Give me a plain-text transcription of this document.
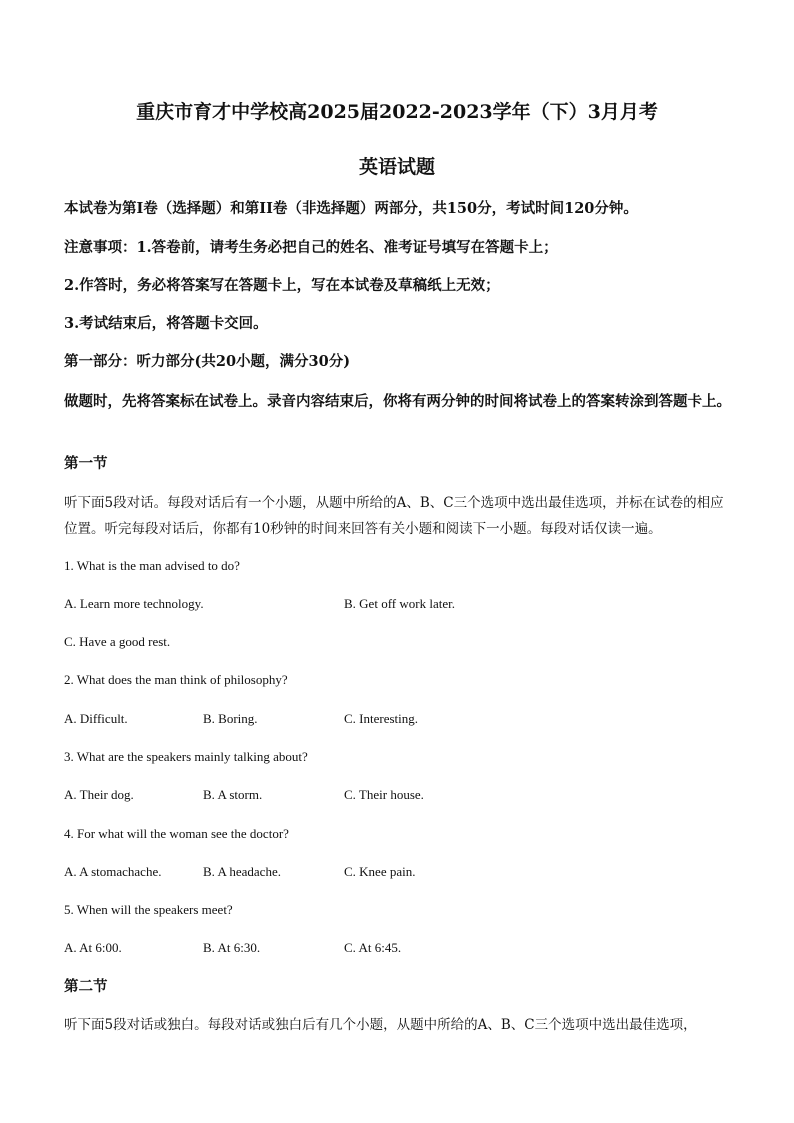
重庆市育才中学校高2025届2022-2023学年（下）3月月考
英语试题
本试卷为第I卷（选择题）和第II卷（非选择题）两部分，共150分，考试时间120分钟。
注意事项：1.答卷前，请考生务必把自己的姓名、准考证号填写在答题卡上；
2.作答时，务必将答案写在答题卡上，写在本试卷及草稿纸上无效；
3.考试结束后，将答题卡交回。
第一部分：听力部分(共20小题，满分30分)
做题时，先将答案标在试卷上。录音内容结束后，你将有两分钟的时间将试卷上的答案转涂到答题卡上。
第一节
听下面5段对话。每段对话后有一个小题，从题中所给的A、B、C三个选项中选出最佳选项，并标在试卷的相应位置。听完每段对话后，你都有10秒钟的时间来回答有关小题和阅读下一小题。每段对话仅读一遍。
1. What is the man advised to do?
A. Learn more technology.	B. Get off work later.
C. Have a good rest.
2. What does the man think of philosophy?
A. Difficult.	B. Boring.	C. Interesting.
3. What are the speakers mainly talking about?
A. Their dog.	B. A storm.	C. Their house.
4. For what will the woman see the doctor?
A. A stomachache.	B. A headache.	C. Knee pain.
5. When will the speakers meet?
A. At 6:00.	B. At 6:30.	C. At 6:45.
第二节
听下面5段对话或独白。每段对话或独白后有几个小题，从题中所给的A、B、C三个选项中选出最佳选项，
